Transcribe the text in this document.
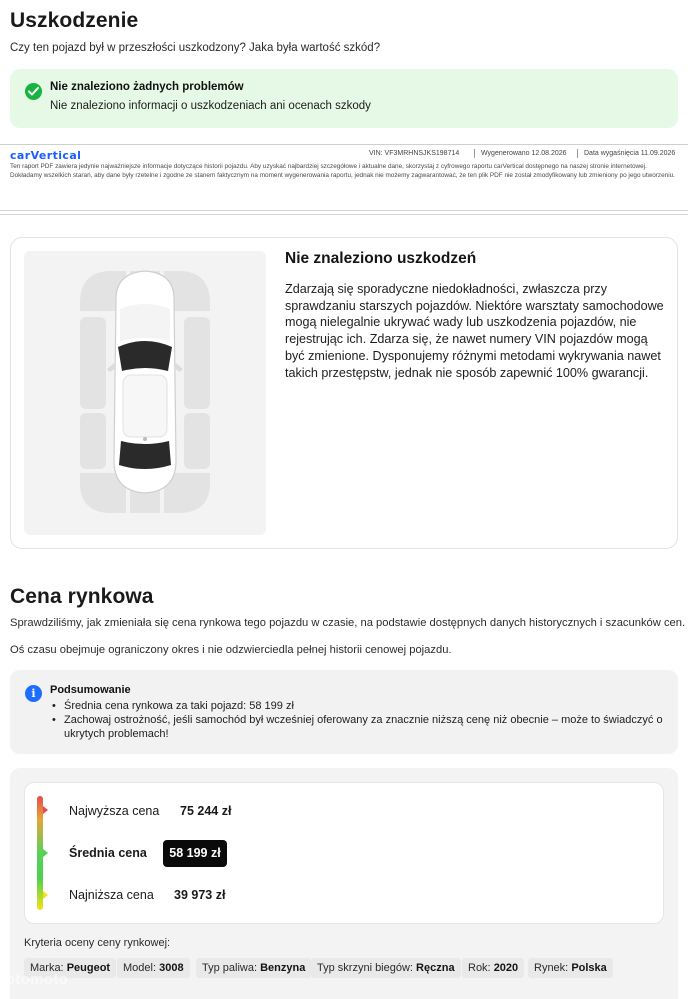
Uszkodzenie
Czy ten pojazd był w przeszłości uszkodzony? Jaka była wartość szkód?
Nie znaleziono żadnych problemów
Nie znaleziono informacji o uszkodzeniach ani ocenach szkody
carVertical	VIN: VF3MRHNSJKS198714	Wygenerowano 12.08.2026 Data wygaśnięcia 11.09.2026
Ten raport PDF zawiera jedynie najważniejsze informacje dotyczące historii pojazdu. Aby uzyskać najbardziej szczegółowe i aktualne dane, skorzystaj z cyfrowego raportu carVertical dostępnego na naszej stronie internetowej. Dokładamy wszelkich starań, aby dane były rzetelne i zgodne ze stanem faktycznym na moment wygenerowania raportu, jednak nie możemy zagwarantować, że ten plik PDF nie został zmodyfikowany lub zmieniony po jego utworzeniu.
Nie znaleziono uszkodzeń
Zdarzają się sporadyczne niedokładności, zwłaszcza przy sprawdzaniu starszych pojazdów. Niektóre warsztaty samochodowe mogą nielegalnie ukrywać wady lub uszkodzenia pojazdów, nie rejestrując ich. Zdarza się, że nawet numery VIN pojazdów mogą być zmienione. Dysponujemy różnymi metodami wykrywania nawet takich przestępstw, jednak nie sposób zapewnić 100% gwarancji.
Cena rynkowa
Sprawdziliśmy, jak zmieniała się cena rynkowa tego pojazdu w czasie, na podstawie dostępnych danych historycznych i szacunków cen.
Oś czasu obejmuje ograniczony okres i nie odzwierciedla pełnej historii cenowej pojazdu.
i	Podsumowanie
• Średnia cena rynkowa za taki pojazd: 58 199 zł
• Zachowaj ostrożność, jeśli samochód był wcześniej oferowany za znacznie niższą cenę niż obecnie – może to świadczyć o ukrytych problemach!
Najwyższa cena 75 244 zł
Średnia cena	58 199 zł
Najniższa cena 39 973 zł
Kryteria oceny ceny rynkowej:
Marka: Peugeot	Model: 3008	Typ paliwa: Benzyna	Typ skrzyni biegów: Ręczna	Rok: 2020	Rynek: Polska
otomoto
